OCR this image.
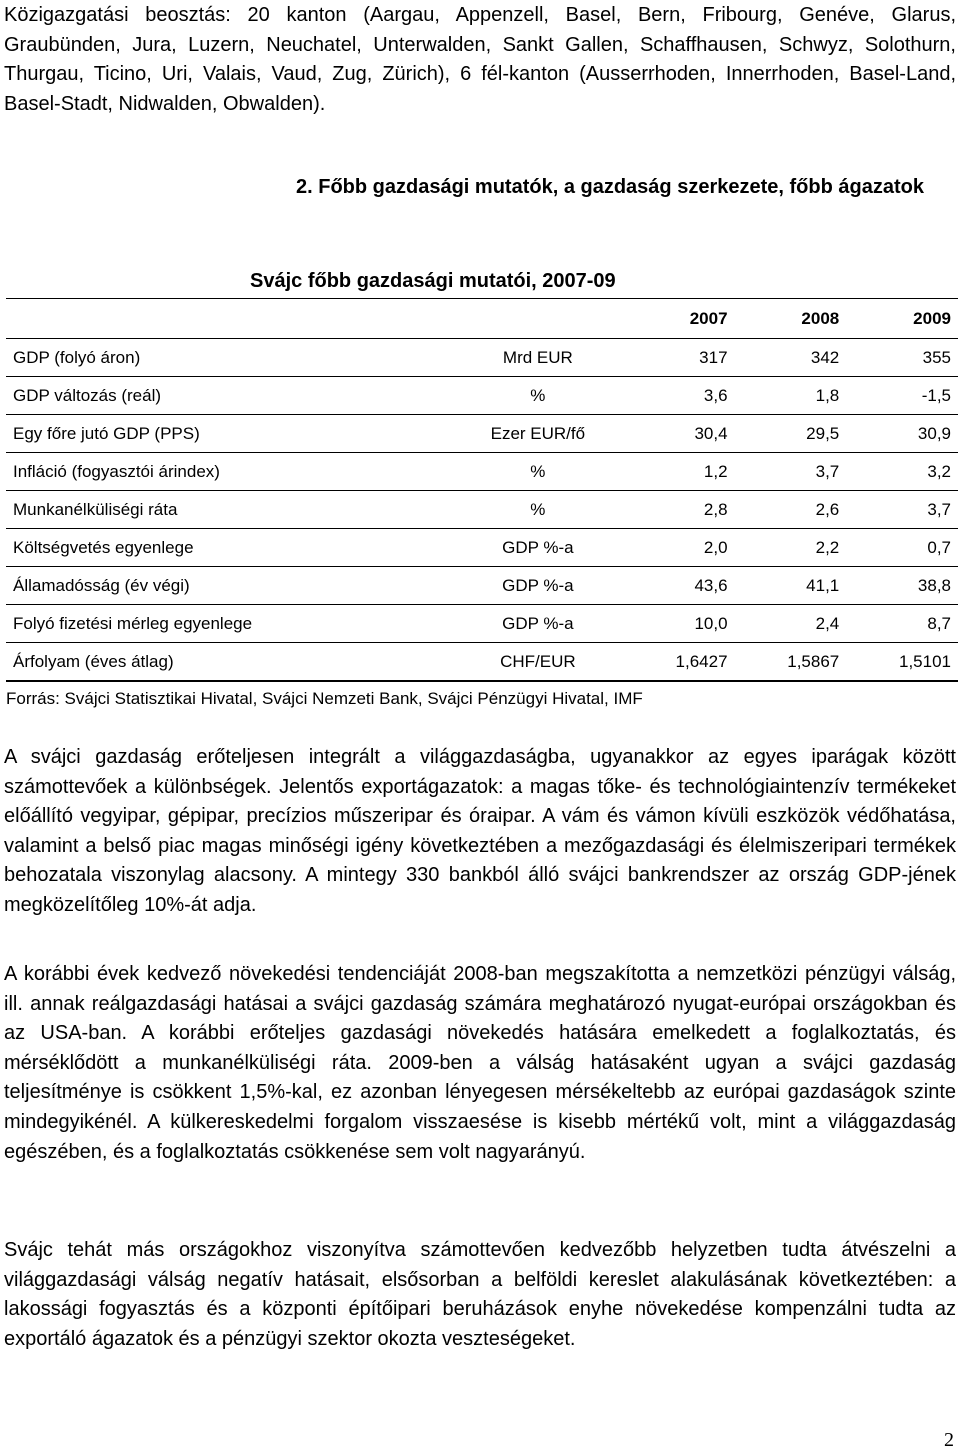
Közigazgatási beosztás: 20 kanton (Aargau, Appenzell, Basel, Bern, Fribourg, Genéve, Glarus, Graubünden, Jura, Luzern, Neuchatel, Unterwalden, Sankt Gallen, Schaffhausen, Schwyz, Solothurn, Thurgau, Ticino, Uri, Valais, Vaud, Zug, Zürich), 6 fél-kanton (Ausserrhoden, Innerrhoden, Basel-Land, Basel-Stadt, Nidwalden, Obwalden).

2. Főbb gazdasági mutatók, a gazdaság szerkezete, főbb ágazatok
Svájc főbb gazdasági mutatói, 2007-09
		2007	2008	2009
GDP (folyó áron)	Mrd EUR	317	342	355
GDP változás (reál)	%	3,6	1,8	-1,5
Egy főre jutó GDP (PPS)	Ezer EUR/fő	30,4	29,5	30,9
Infláció (fogyasztói árindex)	%	1,2	3,7	3,2
Munkanélküliségi ráta	%	2,8	2,6	3,7
Költségvetés egyenlege	GDP %-a	2,0	2,2	0,7
Államadósság (év végi)	GDP %-a	43,6	41,1	38,8
Folyó fizetési mérleg egyenlege	GDP %-a	10,0	2,4	8,7
Árfolyam (éves átlag)	CHF/EUR	1,6427	1,5867	1,5101

Forrás: Svájci Statisztikai Hivatal, Svájci Nemzeti Bank, Svájci Pénzügyi Hivatal, IMF

A svájci gazdaság erőteljesen integrált a világgazdaságba, ugyanakkor az egyes iparágak között számottevőek a különbségek. Jelentős exportágazatok: a magas tőke- és technológiaintenzív termékeket előállító vegyipar, gépipar, precízios műszeripar és óraipar. A vám és vámon kívüli eszközök védőhatása, valamint a belső piac magas minőségi igény következtében a mezőgazdasági és élelmiszeripari termékek behozatala viszonylag alacsony. A mintegy 330 bankból álló svájci bankrendszer az ország GDP-jének megközelítőleg 10%-át adja.

A korábbi évek kedvező növekedési tendenciáját 2008-ban megszakította a nemzetközi pénzügyi válság, ill. annak reálgazdasági hatásai a svájci gazdaság számára meghatározó nyugat-európai országokban és az USA-ban. A korábbi erőteljes gazdasági növekedés hatására emelkedett a foglalkoztatás, és mérséklődött a munkanélküliségi ráta. 2009-ben a válság hatásaként ugyan a svájci gazdaság teljesítménye is csökkent 1,5%-kal, ez azonban lényegesen mérsékeltebb az európai gazdaságok szinte mindegyikénél. A külkereskedelmi forgalom visszaesése is kisebb mértékű volt, mint a világgazdaság egészében, és a foglalkoztatás csökkenése sem volt nagyarányú.

Svájc tehát más országokhoz viszonyítva számottevően kedvezőbb helyzetben tudta átvészelni a világgazdasági válság negatív hatásait, elsősorban a belföldi kereslet alakulásának következtében: a lakossági fogyasztás és a központi építőipari beruházások enyhe növekedése kompenzálni tudta az exportáló ágazatok és a pénzügyi szektor okozta veszteségeket.

2
